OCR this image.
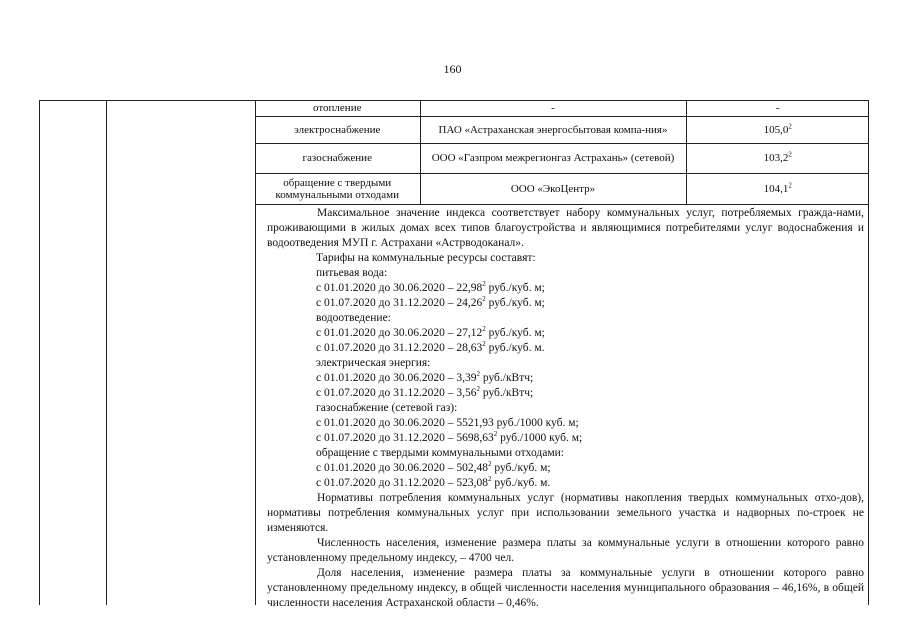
160
отопление	-	-
электроснабжение	ПАО «Астраханская энергосбытовая компа-ния»	105,0$^2$
газоснабжение	ООО «Газпром межрегионгаз Астрахань» (сетевой)	103,2$^2$
обращение с твердыми коммунальными отходами	ООО «ЭкоЦентр»	104,1$^2$

Максимальное значение индекса соответствует набору коммунальных услуг, потребляемых гражда-нами, проживающими в жилых домах всех типов благоустройства и являющимися потребителями услуг водоснабжения и водоотведения МУП г. Астрахани «Астрводоканал».

Тарифы на коммунальные ресурсы составят:

питьевая вода:

с 01.01.2020 до 30.06.2020 – 22,98$^2$ руб./куб. м;

с 01.07.2020 до 31.12.2020 – 24,26$^2$ руб./куб. м;

водоотведение:

с 01.01.2020 до 30.06.2020 – 27,12$^2$ руб./куб. м;

с 01.07.2020 до 31.12.2020 – 28,63$^2$ руб./куб. м.

электрическая энергия:

с 01.01.2020 до 30.06.2020 – 3,39$^2$ руб./кВтч;

с 01.07.2020 до 31.12.2020 – 3,56$^2$ руб./кВтч;

газоснабжение (сетевой газ):

с 01.01.2020 до 30.06.2020 – 5521,93 руб./1000 куб. м;

с 01.07.2020 до 31.12.2020 – 5698,63$^2$ руб./1000 куб. м;

обращение с твердыми коммунальными отходами:

с 01.01.2020 до 30.06.2020 – 502,48$^2$ руб./куб. м;

с 01.07.2020 до 31.12.2020 – 523,08$^2$ руб./куб. м.

Нормативы потребления коммунальных услуг (нормативы накопления твердых коммунальных отхо-дов), нормативы потребления коммунальных услуг при использовании земельного участка и надворных по-строек не изменяются.

Численность населения, изменение размера платы за коммунальные услуги в отношении которого равно установленному предельному индексу, – 4700 чел.

Доля населения, изменение размера платы за коммунальные услуги в отношении которого равно установленному предельному индексу, в общей численности населения муниципального образования – 46,16%, в общей численности населения Астраханской области – 0,46%.
